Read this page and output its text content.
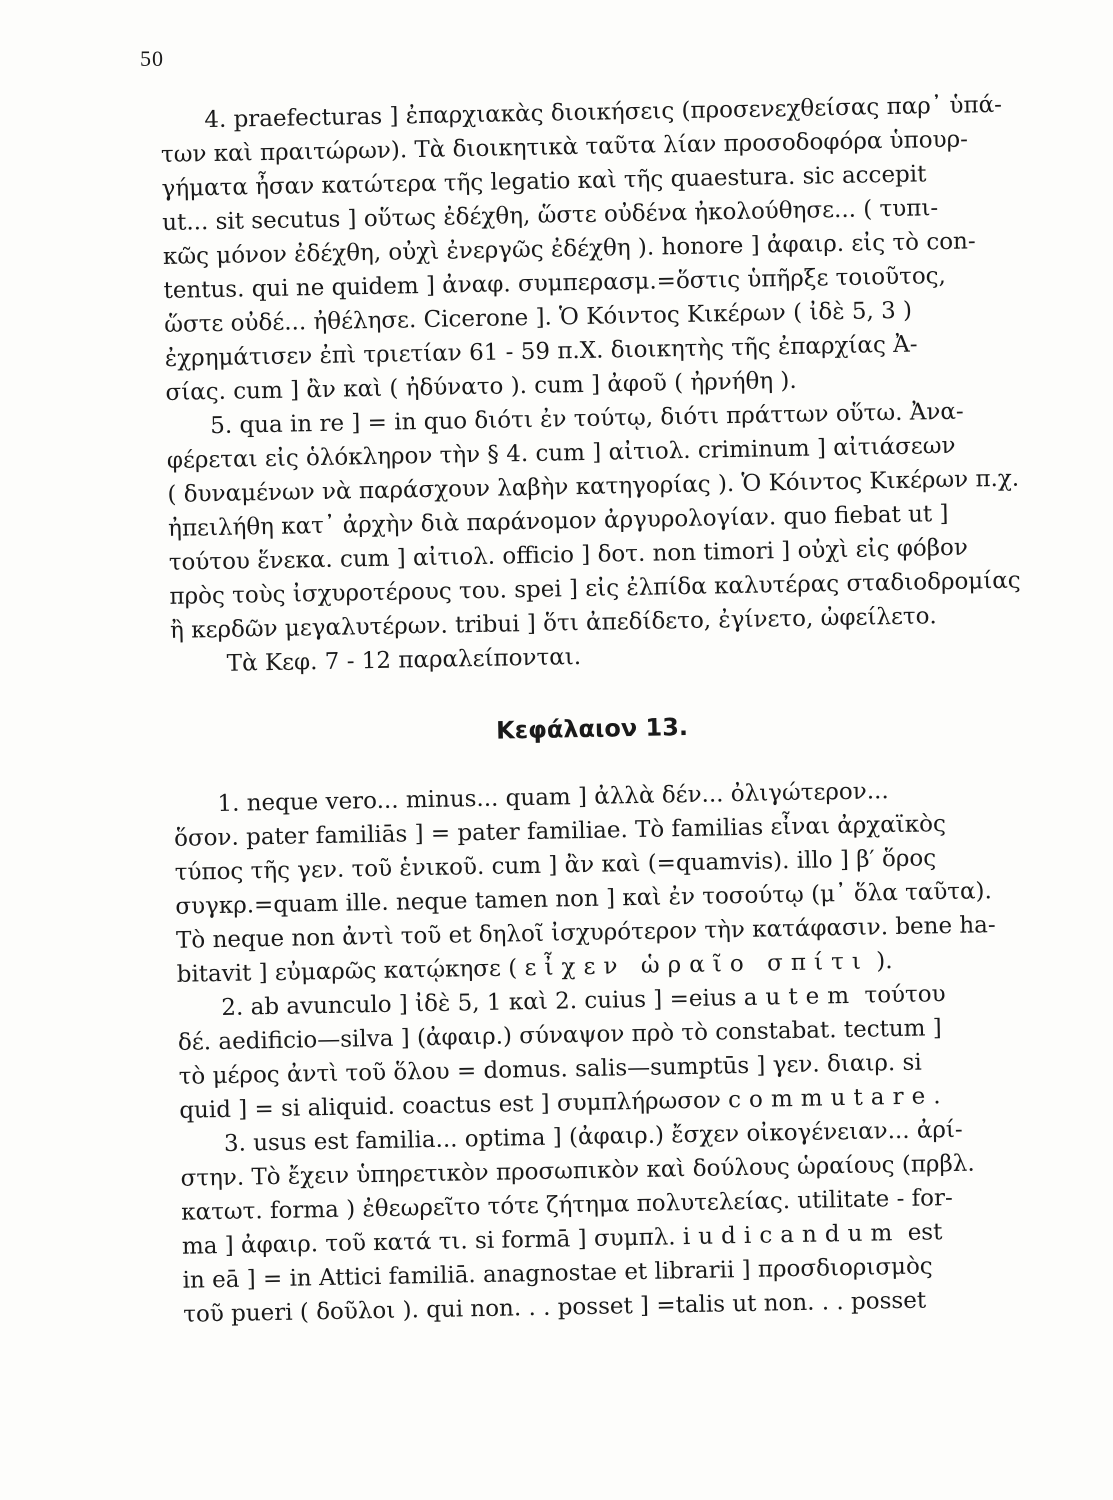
50
4. praefecturas ] ἐπαρχιακὰς διοικήσεις (προσενεχθείσας παρ᾽ ὑπά-
των καὶ πραιτώρων). Τὰ διοικητικὰ ταῦτα λίαν προσοδοφόρα ὑπουρ-
γήματα ἦσαν κατώτερα τῆς legatio καὶ τῆς quaestura. sic accepit
ut... sit secutus ] οὕτως ἐδέχθη, ὥστε οὐδένα ἠκολούθησε... ( τυπι-
κῶς μόνον ἐδέχθη, οὐχὶ ἐνεργῶς ἐδέχθη ). honore ] ἀφαιρ. εἰς τὸ con-
tentus. qui ne quidem ] ἀναφ. συμπερασμ.=ὅστις ὑπῆρξε τοιοῦτος,
ὥστε οὐδέ... ἠθέλησε. Cicerone ]. Ὁ Κόιντος Κικέρων ( ἰδὲ 5, 3 )
ἐχρημάτισεν ἐπὶ τριετίαν 61 - 59 π.Χ. διοικητὴς τῆς ἐπαρχίας Ἀ-
σίας. cum ] ἂν καὶ ( ἠδύνατο ). cum ] ἀφοῦ ( ἠρνήθη ).
5. qua in re ] = in quo διότι ἐν τούτῳ, διότι πράττων οὕτω. Ἀνα-
φέρεται εἰς ὁλόκληρον τὴν § 4. cum ] αἰτιολ. criminum ] αἰτιάσεων
( δυναμένων νὰ παράσχουν λαβὴν κατηγορίας ). Ὁ Κόιντος Κικέρων π.χ.
ἠπειλήθη κατ᾽ ἀρχὴν διὰ παράνομον ἀργυρολογίαν. quo fiebat ut ]
τούτου ἕνεκα. cum ] αἰτιολ. officio ] δοτ. non timori ] οὐχὶ εἰς φόβον
πρὸς τοὺς ἰσχυροτέρους του. spei ] εἰς ἐλπίδα καλυτέρας σταδιοδρομίας
ἢ κερδῶν μεγαλυτέρων. tribui ] ὅτι ἀπεδίδετο, ἐγίνετο, ὠφείλετο.
Τὰ Κεφ. 7 - 12 παραλείπονται.
Κεφάλαιον 13.
1. neque vero... minus... quam ] ἀλλὰ δέν... ὀλιγώτερον...
ὅσον. pater familiās ] = pater familiae. Τὸ familias εἶναι ἀρχαϊκὸς
τύπος τῆς γεν. τοῦ ἑνικοῦ. cum ] ἂν καὶ (=quamvis). illo ] β′ ὅρος
συγκρ.=quam ille. neque tamen non ] καὶ ἐν τοσούτῳ (μ᾽ ὅλα ταῦτα).
Τὸ neque non ἀντὶ τοῦ et δηλοῖ ἰσχυρότερον τὴν κατάφασιν. bene ha-
bitavit ] εὐμαρῶς κατῴκησε ( εἶχεν ὡραῖο σπίτι ).
2. ab avunculo ] ἰδὲ 5, 1 καὶ 2. cuius ] =eius autem τούτου
δέ. aedificio—silva ] (ἀφαιρ.) σύναψον πρὸ τὸ constabat. tectum ]
τὸ μέρος ἀντὶ τοῦ ὅλου = domus. salis—sumptūs ] γεν. διαιρ. si
quid ] = si aliquid. coactus est ] συμπλήρωσον commutare.
3. usus est familia... optima ] (ἀφαιρ.) ἔσχεν οἰκογένειαν... ἀρί-
στην. Τὸ ἔχειν ὑπηρετικὸν προσωπικὸν καὶ δούλους ὡραίους (πρβλ.
κατωτ. forma ) ἐθεωρεῖτο τότε ζήτημα πολυτελείας. utilitate - for-
ma ] ἀφαιρ. τοῦ κατά τι. si formā ] συμπλ. iudicandum est
in eā ] = in Attici familiā. anagnostae et librarii ] προσδιορισμὸς
τοῦ pueri ( δοῦλοι ). qui non. . . posset ] =talis ut non. . . posset
